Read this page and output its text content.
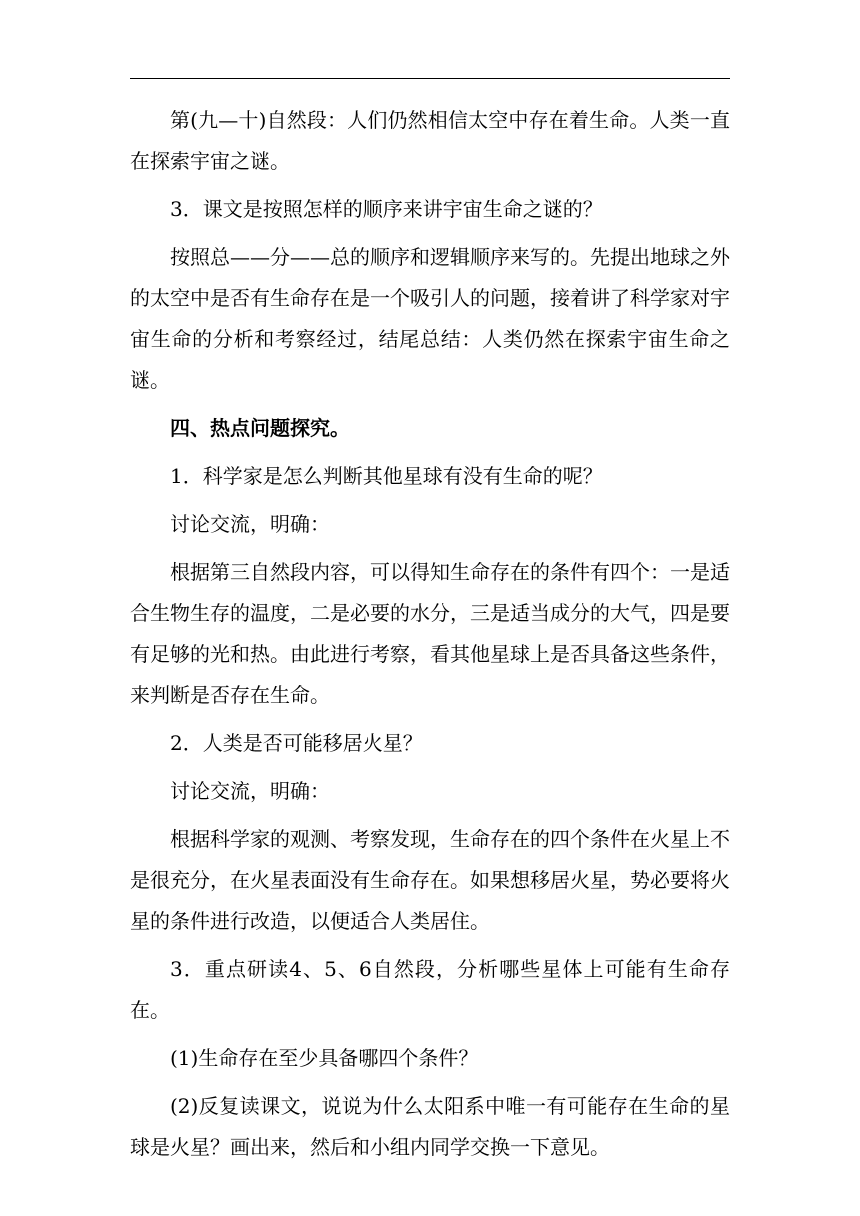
第(九—十)自然段：人们仍然相信太空中存在着生命。人类一直在探索宇宙之谜。

3．课文是按照怎样的顺序来讲宇宙生命之谜的？

按照总——分——总的顺序和逻辑顺序来写的。先提出地球之外的太空中是否有生命存在是一个吸引人的问题，接着讲了科学家对宇宙生命的分析和考察经过，结尾总结：人类仍然在探索宇宙生命之谜。

四、热点问题探究。

1．科学家是怎么判断其他星球有没有生命的呢？

讨论交流，明确：

根据第三自然段内容，可以得知生命存在的条件有四个：一是适合生物生存的温度，二是必要的水分，三是适当成分的大气，四是要有足够的光和热。由此进行考察，看其他星球上是否具备这些条件，来判断是否存在生命。

2．人类是否可能移居火星？

讨论交流，明确：

根据科学家的观测、考察发现，生命存在的四个条件在火星上不是很充分，在火星表面没有生命存在。如果想移居火星，势必要将火星的条件进行改造，以便适合人类居住。

3．重点研读4、5、6自然段，分析哪些星体上可能有生命存在。

(1)生命存在至少具备哪四个条件？

(2)反复读课文，说说为什么太阳系中唯一有可能存在生命的星球是火星？画出来，然后和小组内同学交换一下意见。
